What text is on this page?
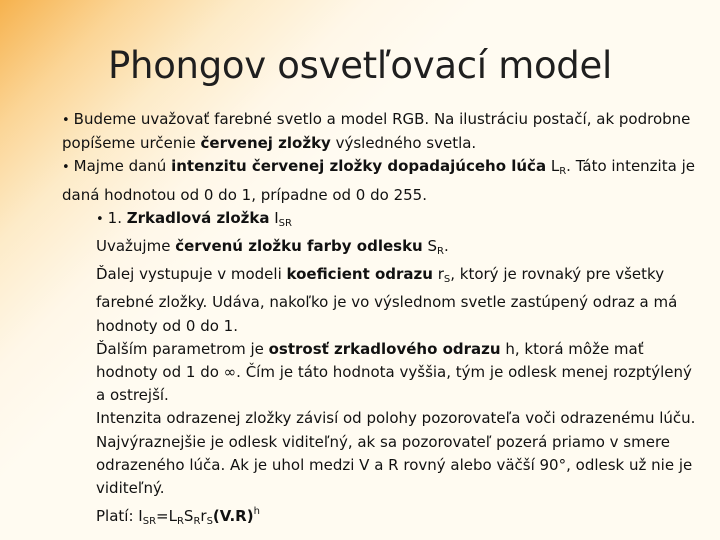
Phongov osvetľovací model

• Budeme uvažovať farebné svetlo a model RGB. Na ilustráciu postačí, ak podrobne popíšeme určenie červenej zložky výsledného svetla.

• Majme danú intenzitu červenej zložky dopadajúceho lúča $L_R$. Táto intenzita je daná hodnotou od 0 do 1, prípadne od 0 do 255.

• 1. Zrkadlová zložka $I_{SR}$

Uvažujme červenú zložku farby odlesku $S_R$.

Ďalej vystupuje v modeli koeficient odrazu $r_S$, ktorý je rovnaký pre všetky farebné zložky. Udáva, nakoľko je vo výslednom svetle zastúpený odraz a má hodnoty od 0 do 1.

Ďalším parametrom je ostrosť zrkadlového odrazu h, ktorá môže mať hodnoty od 1 do ∞. Čím je táto hodnota vyššia, tým je odlesk menej rozptýlený a ostrejší.

Intenzita odrazenej zložky závisí od polohy pozorovateľa voči odrazenému lúču. Najvýraznejšie je odlesk viditeľný, ak sa pozorovateľ pozerá priamo v smere odrazeného lúča. Ak je uhol medzi V a R rovný alebo väčší 90°, odlesk už nie je viditeľný.

Platí: $I_{SR}=L_RS_Rr_S(V.R)^h$
